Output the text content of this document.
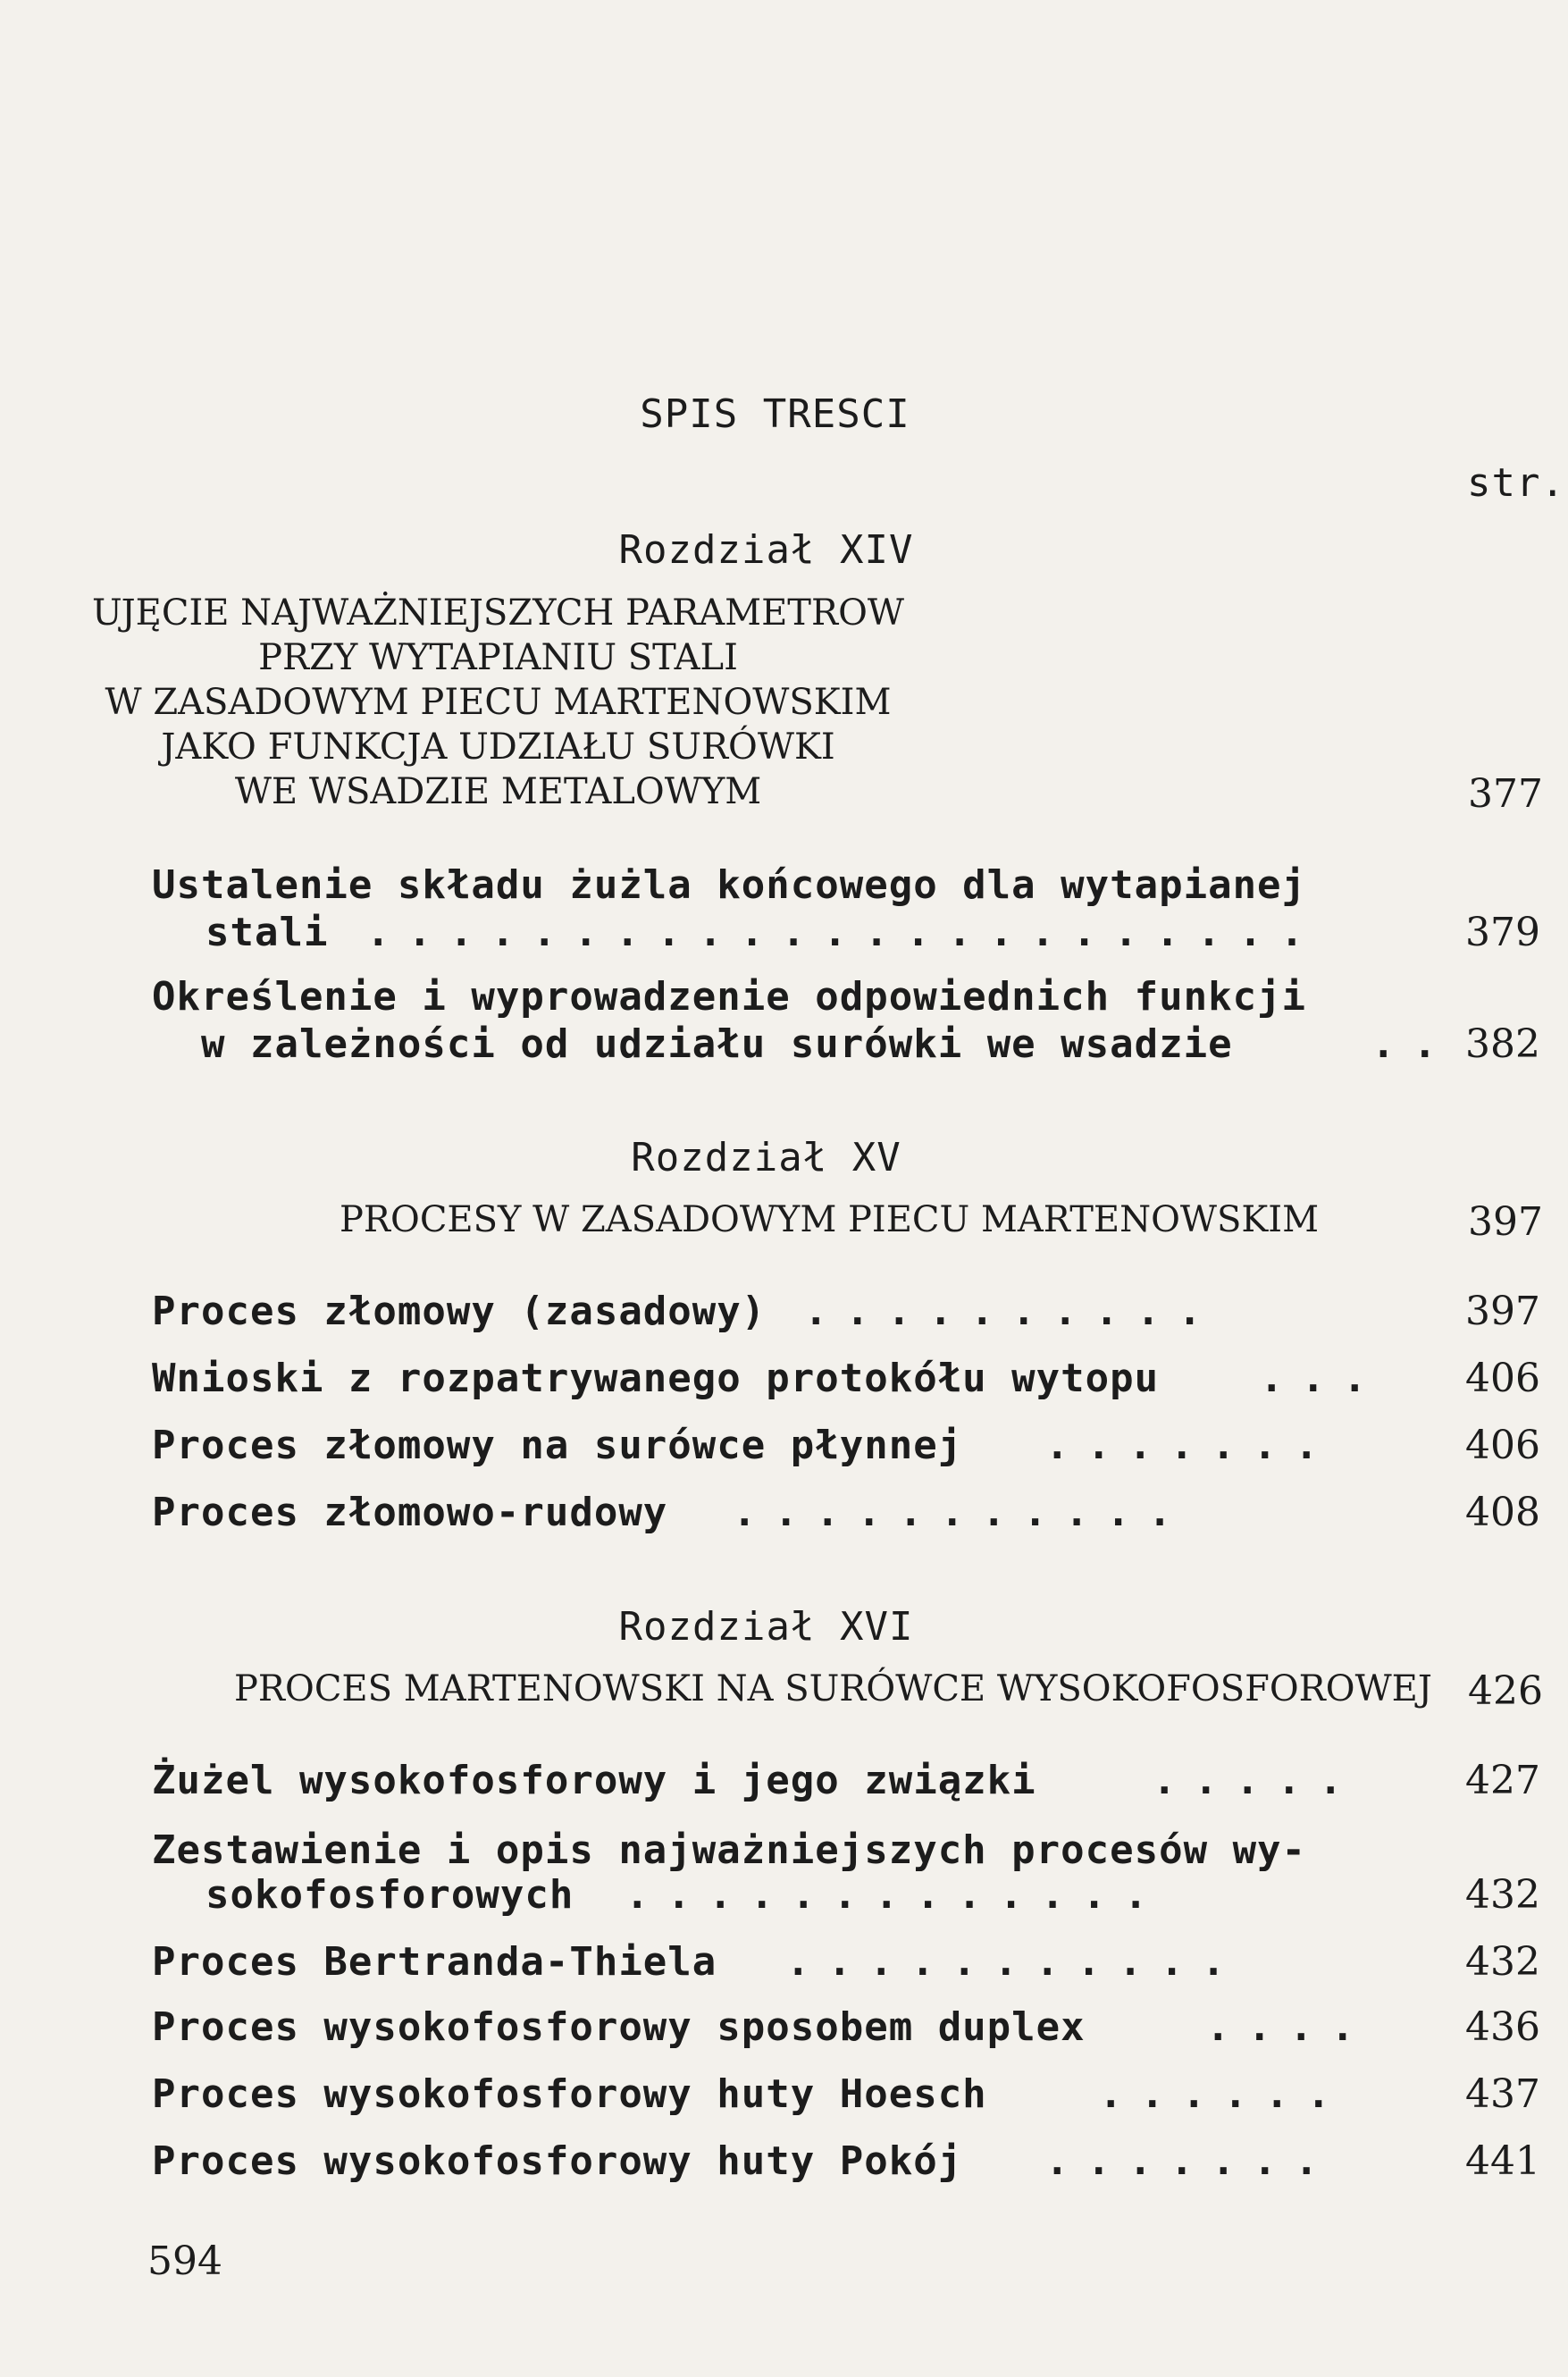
SPIS TRESCI
str.
Rozdział XIV
UJĘCIE NAJWAŻNIEJSZYCH PARAMETROW
PRZY WYTAPIANIU STALI
W ZASADOWYM PIECU MARTENOWSKIM
JAKO FUNKCJA UDZIAŁU SURÓWKI
WE WSADZIE METALOWYM	377
Ustalenie składu żużla końcowego dla wytapianej
stali .......................	379
Określenie i wyprowadzenie odpowiednich funkcji
w zależności od udziału surówki we wsadzie	.. 382
Rozdział XV
PROCESY W ZASADOWYM PIECU MARTENOWSKIM	397
Proces złomowy (zasadowy) ..........	397
Wnioski z rozpatrywanego protokółu wytopu	... 406
Proces złomowy na surówce płynnej .......	406
Proces złomowo-rudowy ...........	408
Rozdział XVI
PROCES MARTENOWSKI NA SURÓWCE WYSOKOFOSFOROWEJ 426
Żużel wysokofosforowy i jego związki	.....	427
Zestawienie i opis najważniejszych procesów wy-
sokofosforowych .............	432
Proces Bertranda-Thiela ...........	432
Proces wysokofosforowy sposobem duplex	.... 436
Proces wysokofosforowy huty Hoesch	......	437
Proces wysokofosforowy huty Pokój .......	441
594
